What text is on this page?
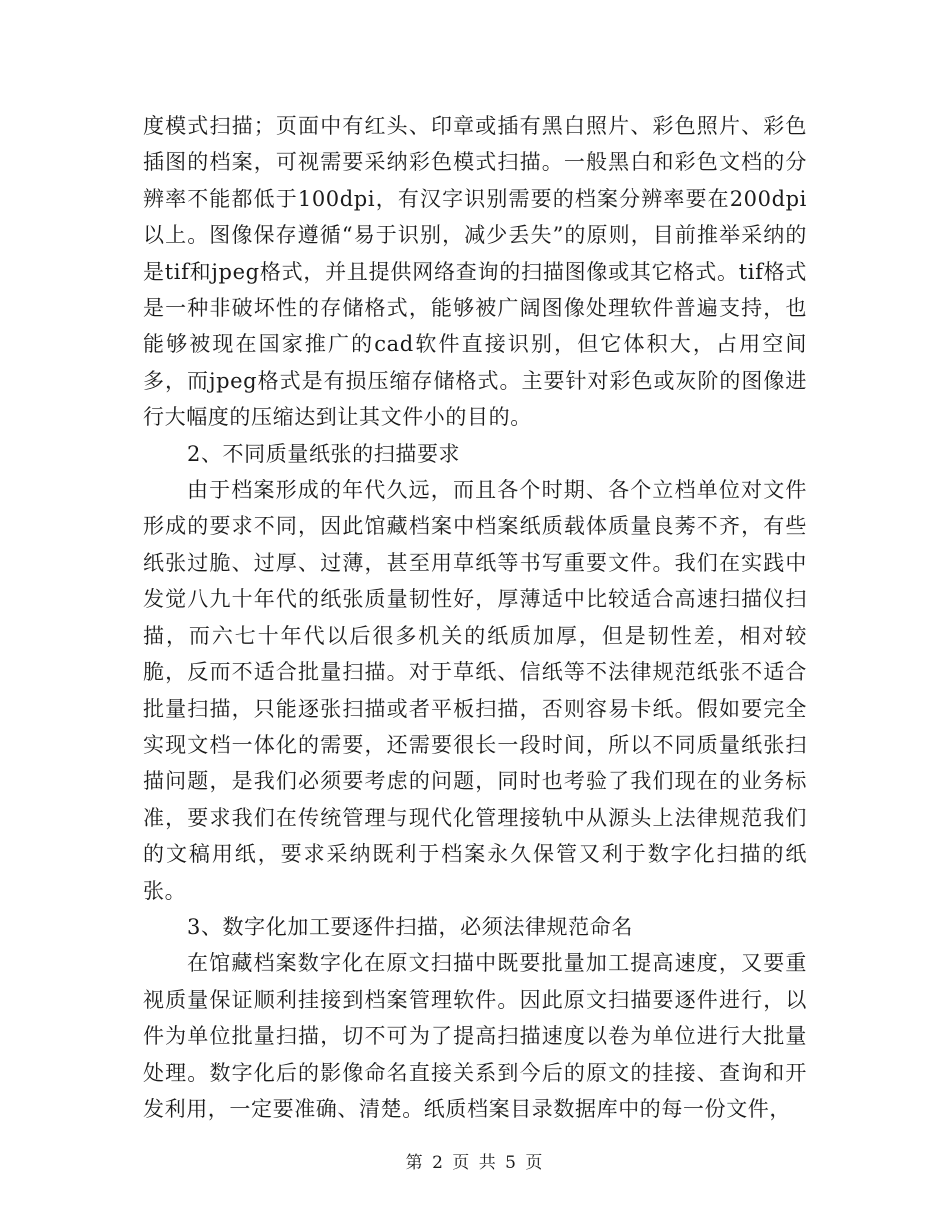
度模式扫描；页面中有红头、印章或插有黑白照片、彩色照片、彩色插图的档案，可视需要采纳彩色模式扫描。一般黑白和彩色文档的分辨率不能都低于100dpi，有汉字识别需要的档案分辨率要在200dpi以上。图像保存遵循“易于识别，减少丢失”的原则，目前推举采纳的是tif和jpeg格式，并且提供网络查询的扫描图像或其它格式。tif格式是一种非破坏性的存储格式，能够被广阔图像处理软件普遍支持，也能够被现在国家推广的cad软件直接识别，但它体积大，占用空间多，而jpeg格式是有损压缩存储格式。主要针对彩色或灰阶的图像进行大幅度的压缩达到让其文件小的目的。

2、不同质量纸张的扫描要求

由于档案形成的年代久远，而且各个时期、各个立档单位对文件形成的要求不同，因此馆藏档案中档案纸质载体质量良莠不齐，有些纸张过脆、过厚、过薄，甚至用草纸等书写重要文件。我们在实践中发觉八九十年代的纸张质量韧性好，厚薄适中比较适合高速扫描仪扫描，而六七十年代以后很多机关的纸质加厚，但是韧性差，相对较脆，反而不适合批量扫描。对于草纸、信纸等不法律规范纸张不适合批量扫描，只能逐张扫描或者平板扫描，否则容易卡纸。假如要完全实现文档一体化的需要，还需要很长一段时间，所以不同质量纸张扫描问题，是我们必须要考虑的问题，同时也考验了我们现在的业务标准，要求我们在传统管理与现代化管理接轨中从源头上法律规范我们的文稿用纸，要求采纳既利于档案永久保管又利于数字化扫描的纸张。

3、数字化加工要逐件扫描，必须法律规范命名

在馆藏档案数字化在原文扫描中既要批量加工提高速度，又要重视质量保证顺利挂接到档案管理软件。因此原文扫描要逐件进行，以件为单位批量扫描，切不可为了提高扫描速度以卷为单位进行大批量处理。数字化后的影像命名直接关系到今后的原文的挂接、查询和开发利用，一定要准确、清楚。纸质档案目录数据库中的每一份文件，

第 2 页 共 5 页
